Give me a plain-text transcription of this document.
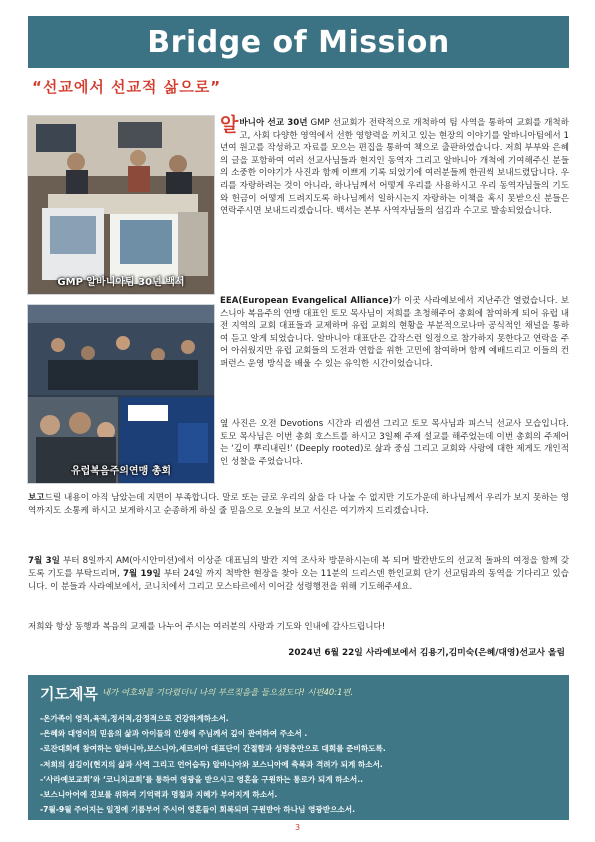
Bridge of Mission
“선교에서 선교적 삶으로”
GMP 알바니아팀 30년 백서
유럽복음주의연맹 총회
알바니아 선교 30년 GMP 선교회가 전략적으로 개척하여 팀 사역을 통하여 교회를 개척하고, 사회 다양한 영역에서 선한 영향력을 끼치고 있는 현장의 이야기를 알바니아팀에서 1년여 원고를 작성하고 자료를 모으는 편집을 통하여 책으로 출판하였습니다. 저희 부부와 은혜의 글을 포함하여 여러 선교사님들과 현지인 동역자 그리고 알바니아 개척에 기여해주신 분들의 소중한 이야기가 사진과 함께 이쁘게 기록 되었기에 여러분들께 한권씩 보내드렸답니다. 우리를 자랑하려는 것이 아니라, 하나님께서 어떻게 우리를 사용하시고 우리 동역자님들의 기도와 헌금이 어떻게 드려지도록 하나님께서 일하시는지 자랑하는 이책을 혹시 못받으신 분들은 연락주시면 보내드리겠습니다. 백서는 본부 사역자님들의 섬김과 수고로 발송되었습니다.
EEA(European Evangelical Alliance)가 이곳 사라예보에서 지난주간 열렸습니다. 보스니아 복음주의 연맹 대표인 토모 목사님이 저희를 초청해주어 총회에 참여하게 되어 유럽 내 전 지역의 교회 대표들과 교제하며 유럽 교회의 현황을 부분적으로나마 공식적인 채널을 통하여 듣고 알게 되었습니다. 알바니아 대표단은 갑작스런 일정으로 참가하지 못한다고 연락을 주어 아쉬웠지만 유럽 교회들의 도전과 연합을 위한 고민에 참여하며 함께 예배드리고 이들의 컨퍼런스 운영 방식을 배울 수 있는 유익한 시간이었습니다.
옆 사진은 오전 Devotions 시간과 리셉션 그리고 토모 목사님과 피스닉 선교사 모습입니다. 토모 목사님은 이번 총회 호스트를 하시고 3일째 주제 설교를 해주었는데 이번 총회의 주제어는 ‘깊이 뿌리내린!’ (Deeply rooted)로 삶과 중심 그리고 교회와 사랑에 대한 제게도 개인적인 성찰을 주었습니다.
보고드릴 내용이 아직 남았는데 지면이 부족합니다. 말로 또는 글로 우리의 삶을 다 나눌 수 없지만 기도가운데 하나님께서 우리가 보지 못하는 영역까지도 소통케 하시고 보게하시고 순종하게 하실 줄 믿음으로 오늘의 보고 서신은 여기까지 드리겠습니다.
7월 3일 부터 8일까지 AM(아시안미션)에서 이상준 대표님의 발칸 지역 조사차 방문하시는데 복 되며 발칸반도의 선교적 돌파의 여정을 함께 갖도록 기도를 부탁드리며, 7월 19일 부터 24일 까지 척박한 현장을 찾아 오는 11분의 드리스덴 한인교회 단기 선교팀과의 동역을 기다리고 있습니다. 이 분들과 사라예보에서, 코니치에서 그리고 모스타르에서 이어갈 성령행전을 위해 기도해주세요.
저희와 항상 동행과 복음의 교제를 나누어 주시는 여러분의 사랑과 기도와 인내에 감사드립니다!
2024년 6월 22일 사라예보에서 김용기,김미숙(은혜/대영)선교사 올림
기도제목 내가 여호와를 기다렸더니 나의 부르짖음을 들으셨도다! 시편40:1편.
-온가족이 영적,육적,정서적,감정적으로 건강하게하소서.
-은혜와 대영이의 믿음의 삶과 아이들의 인생에 주님께서 깊이 관여하여 주소서 .
-로잔대회에 참여하는 알바니아,보스니아,세르비아 대표단이 간절함과 성령충만으로 대회를 준비하도록.
-저희의 섬김이(현지의 삶과 사역 그리고 언어습득) 알바니아와 보스니아에 축복과 격려가 되게 하소서.
-‘사라예보교회’와 ‘코니치교회’를 통하여 영광을 받으시고 영혼을 구원하는 통로가 되게 하소서..
-보스니아어에 진보를 위하여 기억력과 명철과 지혜가 부어지게 하소서.
-7월-9월 주어지는 일정에 기름부어 주시어 영혼들이 회복되며 구원받아 하나님 영광받으소서.
3
